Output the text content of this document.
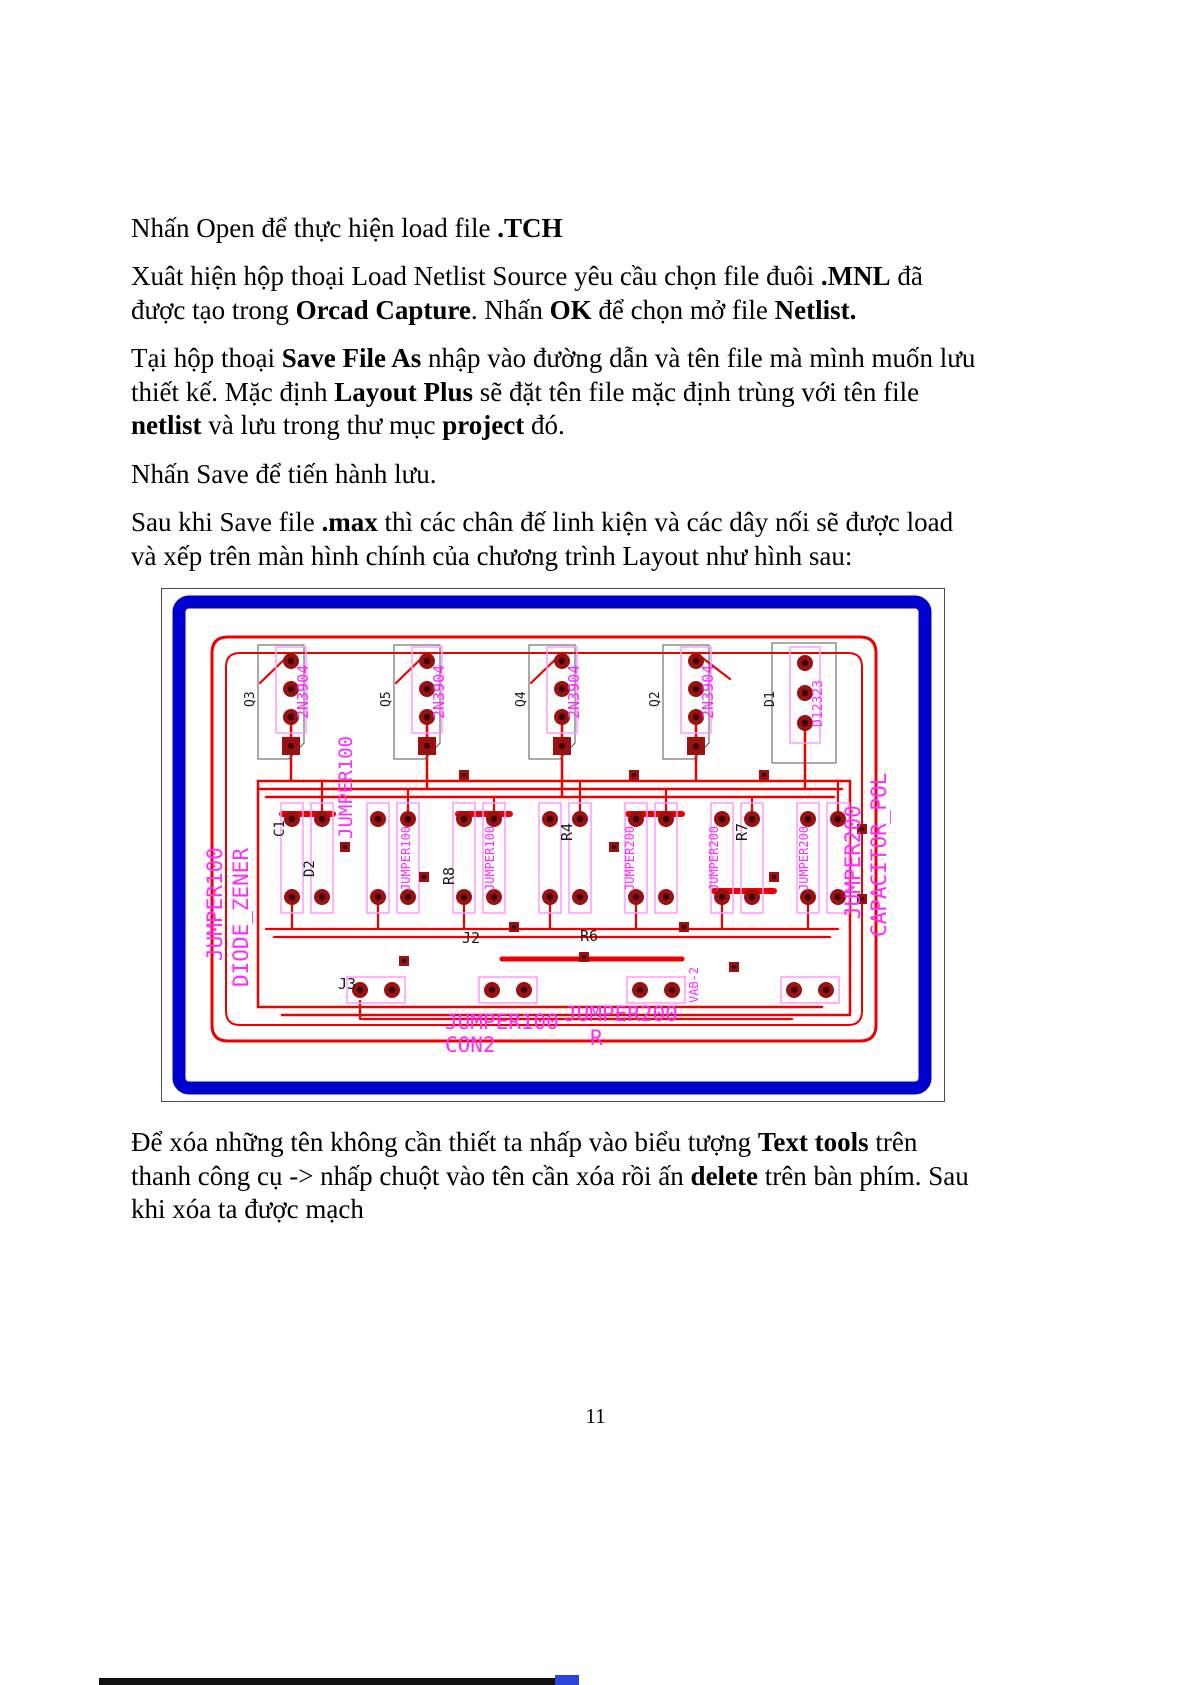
Nhấn Open để thực hiện load file .TCH

Xuât hiện hộp thoại Load Netlist Source yêu cầu chọn file đuôi .MNL đã được tạo trong Orcad Capture. Nhấn OK để chọn mở file Netlist.

Tại hộp thoại Save File As nhập vào đường dẫn và tên file mà mình muốn lưu thiết kế. Mặc định Layout Plus sẽ đặt tên file mặc định trùng với tên file netlist và lưu trong thư mục project đó.

Nhấn Save để tiến hành lưu.

Sau khi Save file .max thì các chân đế linh kiện và các dây nối sẽ được load và xếp trên màn hình chính của chương trình Layout như hình sau:

JUMPER100 DIODE_ZENER
JUMPER100
2N3904
Q3	2N3904
Q5	2N3904
Q4	2N3904
Q2	D12323
D1
R4	R7
R8
D2
C1
J2
J3
R6
JUMPER100	JUMPER100	JUMPER200	JUMPER200	JUMPER200
VAB-2
JUMPER100
CON2
JUMPER200
R
JUMPER200 CAPACITOR_POL

Để xóa những tên không cần thiết ta nhấp vào biểu tượng Text tools trên thanh công cụ -> nhấp chuột vào tên cần xóa rồi ấn delete trên bàn phím. Sau khi xóa ta được mạch

11
